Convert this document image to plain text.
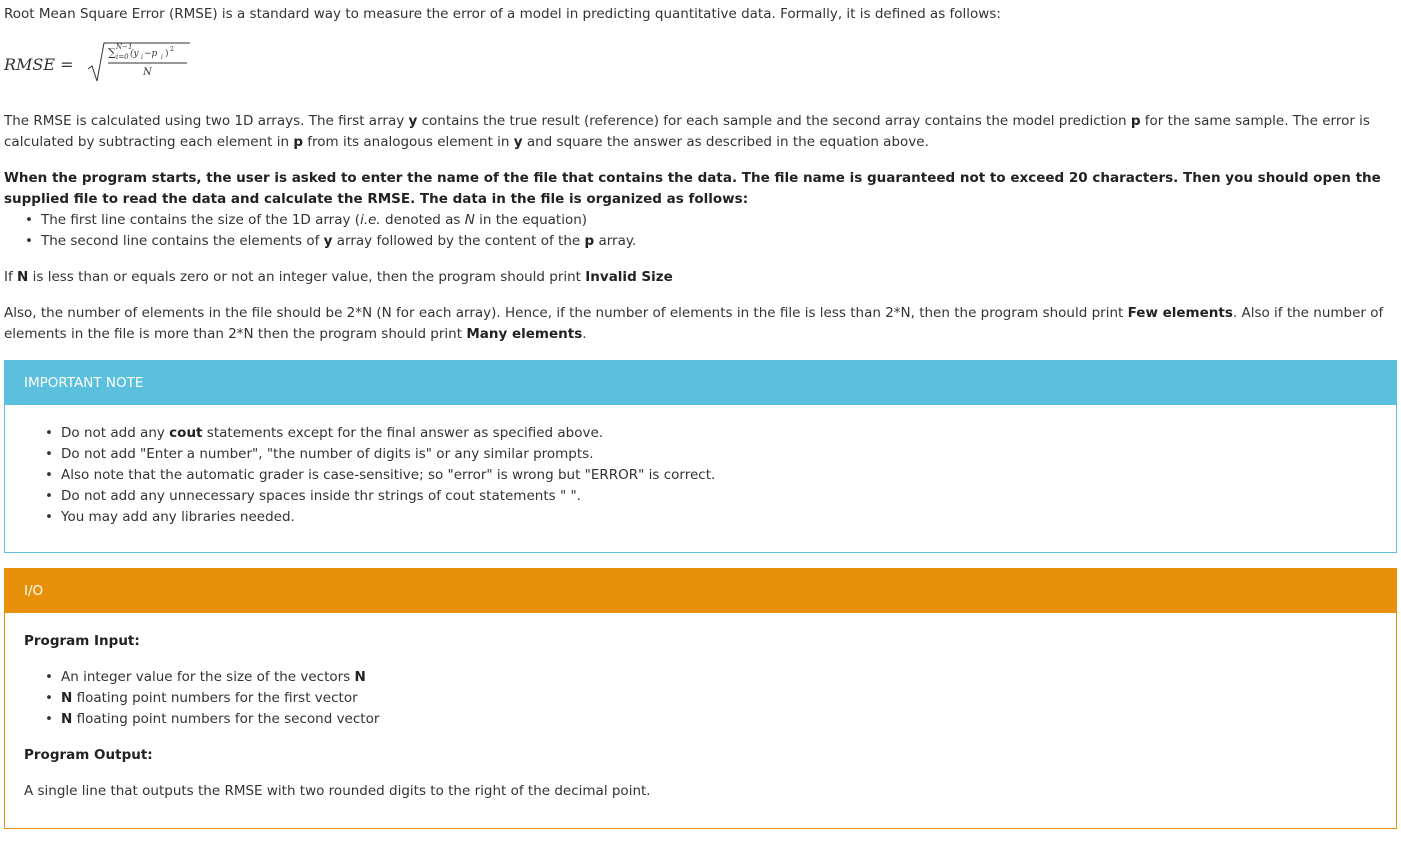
Root Mean Square Error (RMSE) is a standard way to measure the error of a model in predicting quantitative data. Formally, it is defined as follows:

RMSE =
∑ N−1
i=0 (y i −p i ) 2
N

The RMSE is calculated using two 1D arrays. The first array y contains the true result (reference) for each sample and the second array contains the model prediction p for the same sample. The error is calculated by subtracting each element in p from its analogous element in y and square the answer as described in the equation above.

When the program starts, the user is asked to enter the name of the file that contains the data. The file name is guaranteed not to exceed 20 characters. Then you should open the supplied file to read the data and calculate the RMSE. The data in the file is organized as follows:

• The first line contains the size of the 1D array (i.e. denoted as N in the equation)
• The second line contains the elements of y array followed by the content of the p array.

If N is less than or equals zero or not an integer value, then the program should print Invalid Size

Also, the number of elements in the file should be 2*N (N for each array). Hence, if the number of elements in the file is less than 2*N, then the program should print Few elements. Also if the number of elements in the file is more than 2*N then the program should print Many elements.

IMPORTANT NOTE
• Do not add any cout statements except for the final answer as specified above.
• Do not add "Enter a number", "the number of digits is" or any similar prompts.
• Also note that the automatic grader is case-sensitive; so "error" is wrong but "ERROR" is correct.
• Do not add any unnecessary spaces inside thr strings of cout statements " ".
• You may add any libraries needed.
I/O

Program Input:

• An integer value for the size of the vectors N
• N floating point numbers for the first vector
• N floating point numbers for the second vector

Program Output:

A single line that outputs the RMSE with two rounded digits to the right of the decimal point.
